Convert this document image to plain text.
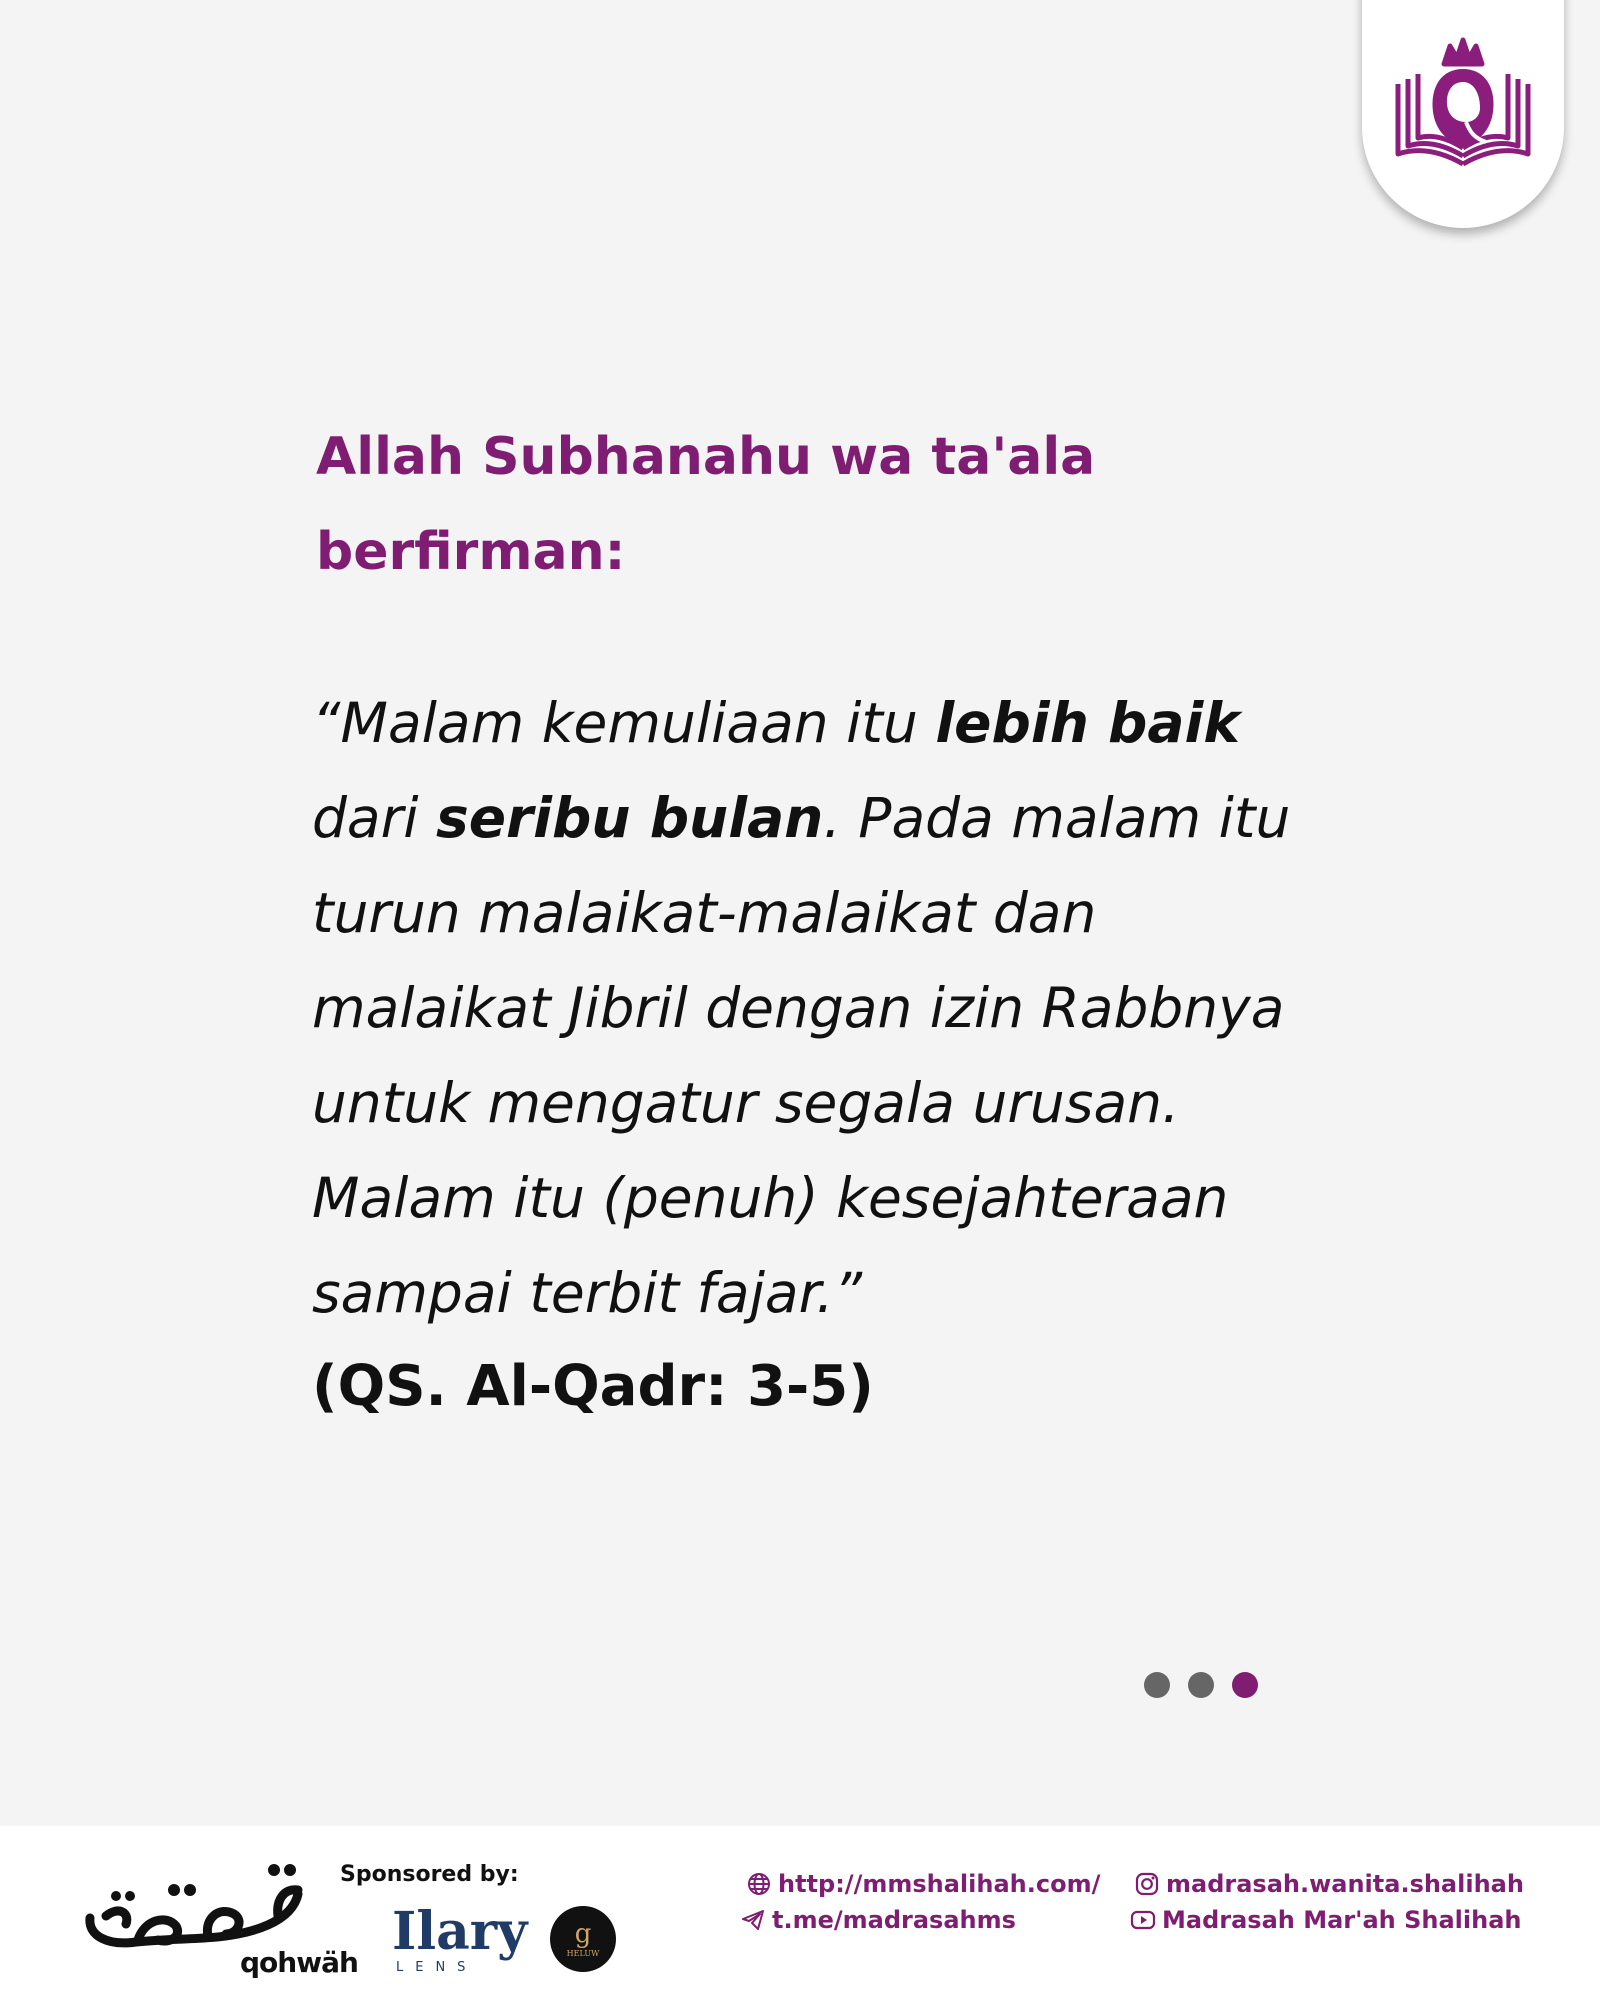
Allah Subhanahu wa ta'ala
berfirman:
“Malam kemuliaan itu lebih baik
dari seribu bulan. Pada malam itu
turun malaikat-malaikat dan
malaikat Jibril dengan izin Rabbnya
untuk mengatur segala urusan.
Malam itu (penuh) kesejahteraan
sampai terbit fajar.”
(QS. Al-Qadr: 3-5)
qohwäh
Sponsored by:
Ilary
LENS
ց
HELUW
http://mmshalihah.com/
t.me/madrasahms
madrasah.wanita.shalihah
Madrasah Mar'ah Shalihah
